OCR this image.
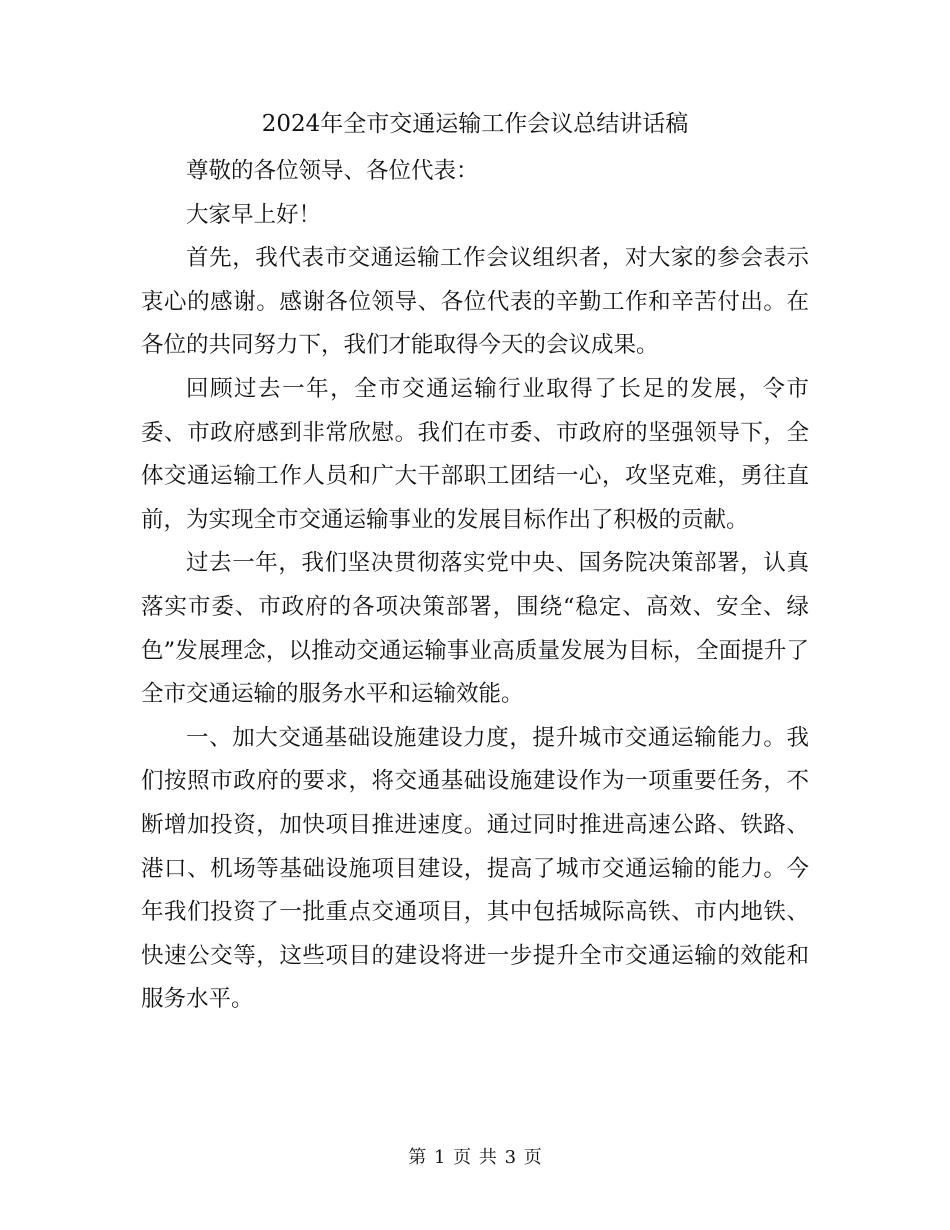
2024年全市交通运输工作会议总结讲话稿

尊敬的各位领导、各位代表：

大家早上好！

首先，我代表市交通运输工作会议组织者，对大家的参会表示衷心的感谢。感谢各位领导、各位代表的辛勤工作和辛苦付出。在各位的共同努力下，我们才能取得今天的会议成果。

回顾过去一年，全市交通运输行业取得了长足的发展，令市委、市政府感到非常欣慰。我们在市委、市政府的坚强领导下，全体交通运输工作人员和广大干部职工团结一心，攻坚克难，勇往直前，为实现全市交通运输事业的发展目标作出了积极的贡献。

过去一年，我们坚决贯彻落实党中央、国务院决策部署，认真落实市委、市政府的各项决策部署，围绕“稳定、高效、安全、绿色”发展理念，以推动交通运输事业高质量发展为目标，全面提升了全市交通运输的服务水平和运输效能。

一、加大交通基础设施建设力度，提升城市交通运输能力。我们按照市政府的要求，将交通基础设施建设作为一项重要任务，不断增加投资，加快项目推进速度。通过同时推进高速公路、铁路、港口、机场等基础设施项目建设，提高了城市交通运输的能力。今年我们投资了一批重点交通项目，其中包括城际高铁、市内地铁、快速公交等，这些项目的建设将进一步提升全市交通运输的效能和服务水平。

第 1 页 共 3 页
